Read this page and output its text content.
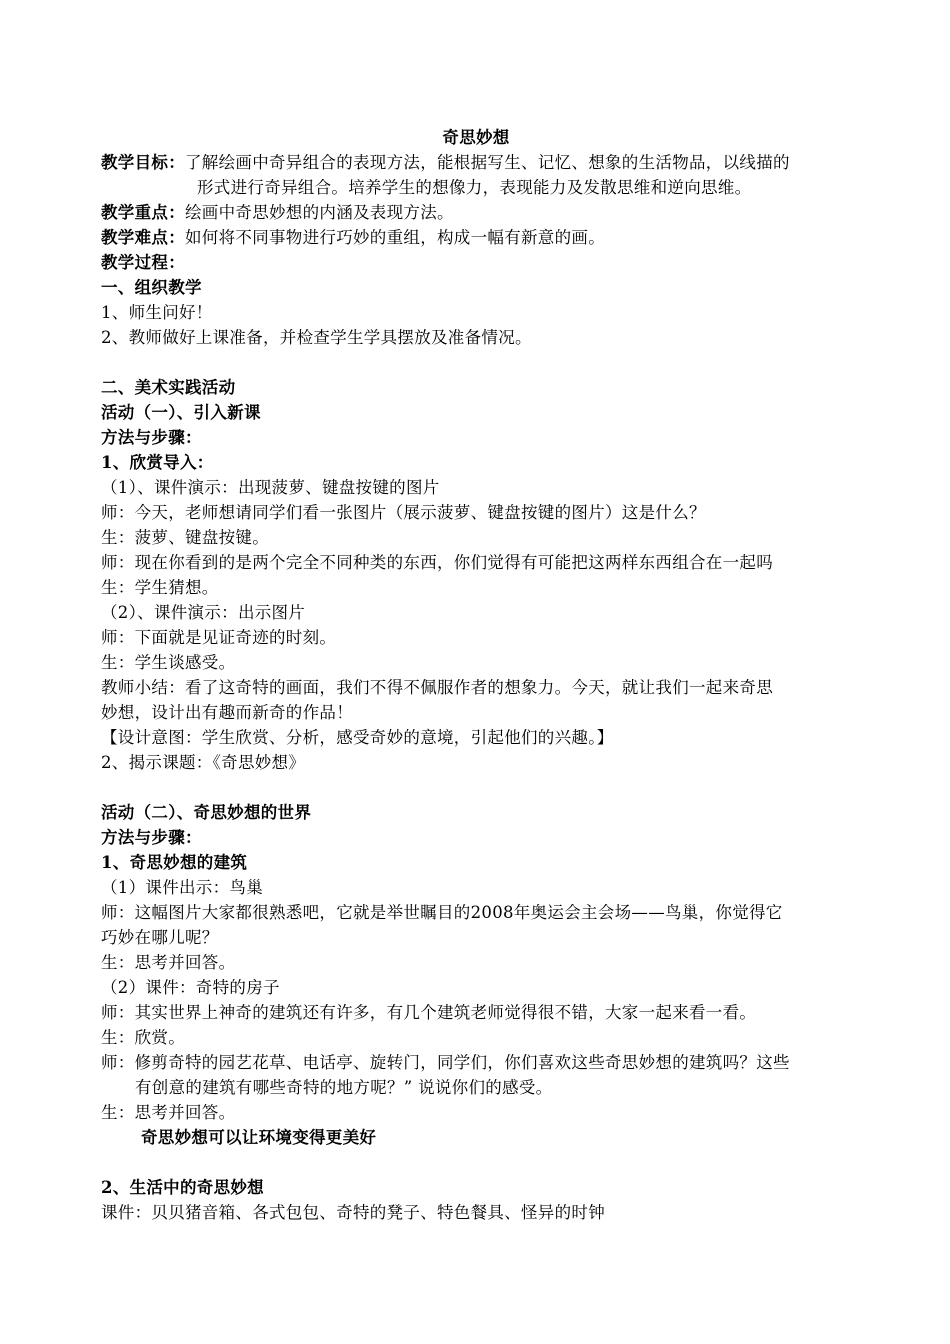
奇思妙想
教学目标：了解绘画中奇异组合的表现方法，能根据写生、记忆、想象的生活物品，以线描的
形式进行奇异组合。培养学生的想像力，表现能力及发散思维和逆向思维。
教学重点：绘画中奇思妙想的内涵及表现方法。
教学难点：如何将不同事物进行巧妙的重组，构成一幅有新意的画。
教学过程：
一、组织教学
1、师生问好！
2、教师做好上课准备，并检查学生学具摆放及准备情况。
二、美术实践活动
活动（一）、引入新课
方法与步骤：
1、欣赏导入：
（1）、课件演示：出现菠萝、键盘按键的图片
师：今天，老师想请同学们看一张图片（展示菠萝、键盘按键的图片）这是什么？
生：菠萝、键盘按键。
师：现在你看到的是两个完全不同种类的东西，你们觉得有可能把这两样东西组合在一起吗
生：学生猜想。
（2）、课件演示：出示图片
师：下面就是见证奇迹的时刻。
生：学生谈感受。
教师小结：看了这奇特的画面，我们不得不佩服作者的想象力。今天，就让我们一起来奇思
妙想，设计出有趣而新奇的作品！
【设计意图：学生欣赏、分析，感受奇妙的意境，引起他们的兴趣。】
2、揭示课题：《奇思妙想》
活动（二）、奇思妙想的世界
方法与步骤：
1、奇思妙想的建筑
（1）课件出示：鸟巢
师：这幅图片大家都很熟悉吧，它就是举世瞩目的2008年奥运会主会场——鸟巢，你觉得它
巧妙在哪儿呢？
生：思考并回答。
（2）课件：奇特的房子
师：其实世界上神奇的建筑还有许多，有几个建筑老师觉得很不错，大家一起来看一看。
生：欣赏。
师：修剪奇特的园艺花草、电话亭、旋转门，同学们，你们喜欢这些奇思妙想的建筑吗？这些
有创意的建筑有哪些奇特的地方呢？” 说说你们的感受。
生：思考并回答。
奇思妙想可以让环境变得更美好
2、生活中的奇思妙想
课件：贝贝猪音箱、各式包包、奇特的凳子、特色餐具、怪异的时钟
